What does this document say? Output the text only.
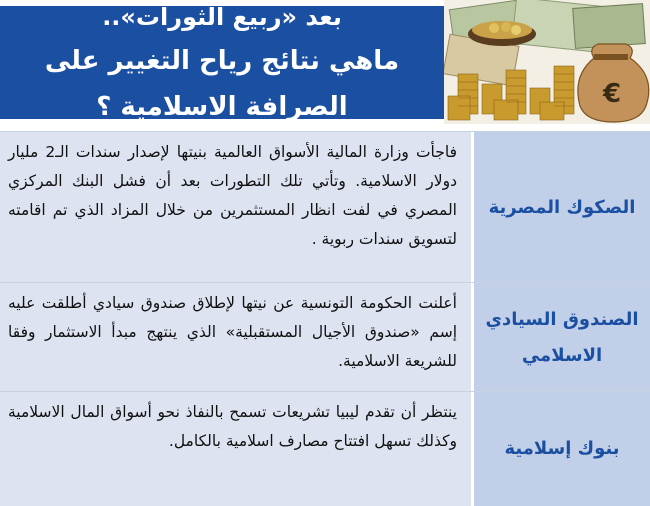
بعد «ربيع الثورات»..
ماهي نتائج رياح التغيير على الصرافة الاسلامية ؟	€
الصكوك المصرية
فاجأت وزارة المالية الأسواق العالمية بنيتها لإصدار سندات الـ2 مليار دولار الاسلامية. وتأتي تلك التطورات بعد أن فشل البنك المركزي المصري في لفت انظار المستثمرين من خلال المزاد الذي تم اقامته لتسويق سندات ربوية .
الصندوق السيادي الاسلامي
أعلنت الحكومة التونسية عن نيتها لإطلاق صندوق سيادي أطلقت عليه إسم «صندوق الأجيال المستقبلية» الذي ينتهج مبدأ الاستثمار وفقا للشريعة الاسلامية.
بنوك إسلامية
ينتظر أن تقدم ليبيا تشريعات تسمح بالنفاذ نحو أسواق المال الاسلامية وكذلك تسهل افتتاح مصارف اسلامية بالكامل.
